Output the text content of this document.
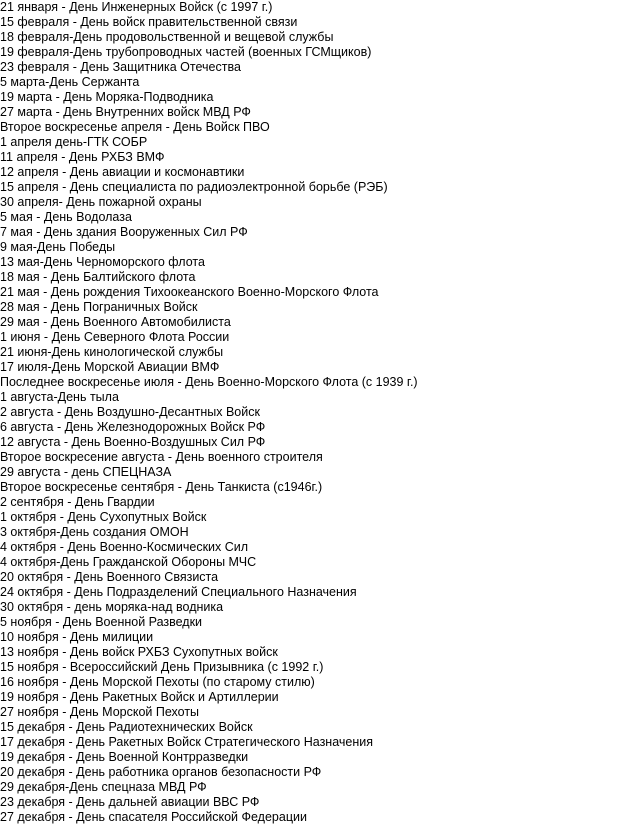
21 января - День Инженерных Войск (с 1997 г.)
15 февраля - День войск правительственной связи
18 февраля-День продовольственной и вещевой службы
19 февраля-День трубопроводных частей (военных ГСМщиков)
23 февраля - День Защитника Отечества
5 марта-День Сержанта
19 марта - День Моряка-Подводника
27 марта - День Внутренних войск МВД РФ
Второе воскресенье апреля - День Войск ПВО
1 апреля день-ГТК СОБР
11 апреля - День РХБЗ ВМФ
12 апреля - День авиации и космонавтики
15 апреля - День специалиста по радиоэлектронной борьбе (РЭБ)
30 апреля- День пожарной охраны
5 мая - День Водолаза
7 мая - День здания Вооруженных Сил РФ
9 мая-День Победы
13 мая-День Черноморского флота
18 мая - День Балтийского флота
21 мая - День рождения Тихоокеанского Военно-Морского Флота
28 мая - День Пограничных Войск
29 мая - День Военного Автомобилиста
1 июня - День Северного Флота России
21 июня-День кинологической службы
17 июля-День Морской Авиации ВМФ
Последнее воскресенье июля - День Военно-Морского Флота (с 1939 г.)
1 августа-День тыла
2 августа - День Воздушно-Десантных Войск
6 августа - День Железнодорожных Войск РФ
12 августа - День Военно-Воздушных Сил РФ
Второе воскресение августа - День военного строителя
29 августа - день СПЕЦНАЗА
Второе воскресенье сентября - День Танкиста (с1946г.)
2 сентября - День Гвардии
1 октября - День Сухопутных Войск
3 октября-День создания ОМОН
4 октября - День Военно-Космических Сил
4 октября-День Гражданской Обороны МЧС
20 октября - День Военного Связиста
24 октября - День Подразделений Специального Назначения
30 октября - день моряка-над водника
5 ноября - День Военной Разведки
10 ноября - День милиции
13 ноября - День войск РХБЗ Сухопутных войск
15 ноября - Всероссийский День Призывника (с 1992 г.)
16 ноября - День Морской Пехоты (по старому стилю)
19 ноября - День Ракетных Войск и Артиллерии
27 ноября - День Морской Пехоты
15 декабря - День Радиотехнических Войск
17 декабря - День Ракетных Войск Стратегического Назначения
19 декабря - День Военной Контрразведки
20 декабря - День работника органов безопасности РФ
29 декабря-День спецназа МВД РФ
23 декабря - День дальней авиации ВВС РФ
27 декабря - День спасателя Российской Федерации
